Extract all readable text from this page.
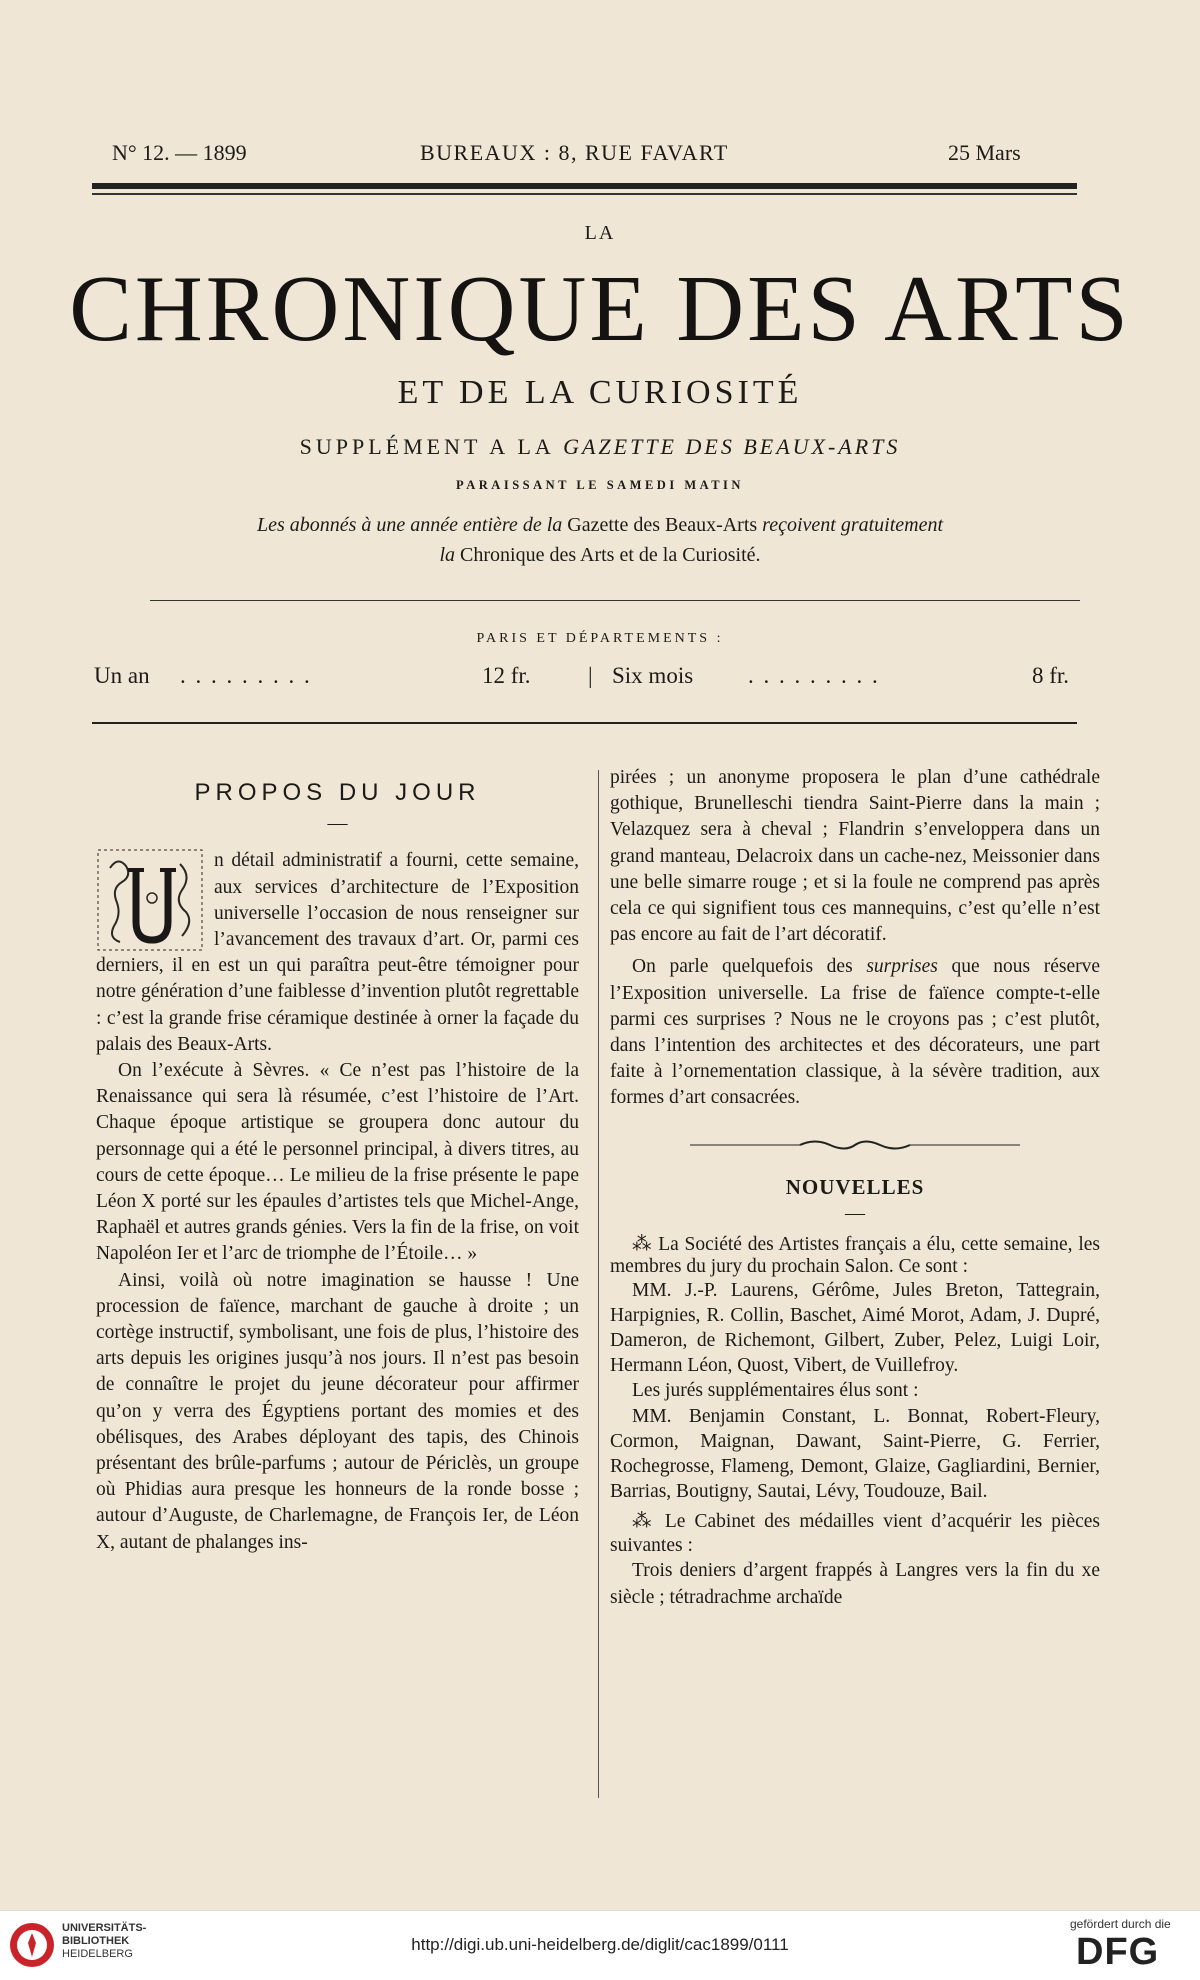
N° 12. — 1899	BUREAUX : 8, RUE FAVART	25 Mars
LA
CHRONIQUE DES ARTS
ET DE LA CURIOSITÉ
SUPPLÉMENT A LA GAZETTE DES BEAUX-ARTS
PARAISSANT LE SAMEDI MATIN
Les abonnés à une année entière de la Gazette des Beaux-Arts reçoivent gratuitement
la Chronique des Arts et de la Curiosité.
PARIS ET DÉPARTEMENTS :
Un an . . . . . . . . .	12 fr. | Six mois . . . . . . . . .	8 fr.
PROPOS DU JOUR
—

n détail administratif a fourni, cette semaine, aux services d’architecture de l’Exposition universelle l’occasion de nous renseigner sur l’avancement des travaux d’art. Or, parmi ces derniers, il en est un qui paraîtra peut-être témoigner pour notre génération d’une faiblesse d’invention plutôt regrettable : c’est la grande frise céramique destinée à orner la façade du palais des Beaux-Arts.

On l’exécute à Sèvres. « Ce n’est pas l’histoire de la Renaissance qui sera là résumée, c’est l’histoire de l’Art. Chaque époque artistique se groupera donc autour du personnage qui a été le personnel principal, à divers titres, au cours de cette époque… Le milieu de la frise présente le pape Léon X porté sur les épaules d’artistes tels que Michel-Ange, Raphaël et autres grands génies. Vers la fin de la frise, on voit Napoléon Ier et l’arc de triomphe de l’Étoile… »

Ainsi, voilà où notre imagination se hausse ! Une procession de faïence, marchant de gauche à droite ; un cortège instructif, symbolisant, une fois de plus, l’histoire des arts depuis les origines jusqu’à nos jours. Il n’est pas besoin de connaître le projet du jeune décorateur pour affirmer qu’on y verra des Égyptiens portant des momies et des obélisques, des Arabes déployant des tapis, des Chinois présentant des brûle-parfums ; autour de Périclès, un groupe où Phidias aura presque les honneurs de la ronde bosse ; autour d’Auguste, de Charlemagne, de François Ier, de Léon X, autant de phalanges ins-

pirées ; un anonyme proposera le plan d’une cathédrale gothique, Brunelleschi tiendra Saint-Pierre dans la main ; Velazquez sera à cheval ; Flandrin s’enveloppera dans un grand manteau, Delacroix dans un cache-nez, Meissonier dans une belle simarre rouge ; et si la foule ne comprend pas après cela ce qui signifient tous ces mannequins, c’est qu’elle n’est pas encore au fait de l’art décoratif.

On parle quelquefois des surprises que nous réserve l’Exposition universelle. La frise de faïence compte-t-elle parmi ces surprises ? Nous ne le croyons pas ; c’est plutôt, dans l’intention des architectes et des décorateurs, une part faite à l’ornementation classique, à la sévère tradition, aux formes d’art consacrées.

NOUVELLES
—

⁂ La Société des Artistes français a élu, cette semaine, les membres du jury du prochain Salon. Ce sont :

MM. J.-P. Laurens, Gérôme, Jules Breton, Tattegrain, Harpignies, R. Collin, Baschet, Aimé Morot, Adam, J. Dupré, Dameron, de Richemont, Gilbert, Zuber, Pelez, Luigi Loir, Hermann Léon, Quost, Vibert, de Vuillefroy.

Les jurés supplémentaires élus sont :

MM. Benjamin Constant, L. Bonnat, Robert-Fleury, Cormon, Maignan, Dawant, Saint-Pierre, G. Ferrier, Rochegrosse, Flameng, Demont, Glaize, Gagliardini, Bernier, Barrias, Boutigny, Sautai, Lévy, Toudouze, Bail.

⁂ Le Cabinet des médailles vient d’acquérir les pièces suivantes :

Trois deniers d’argent frappés à Langres vers la fin du xe siècle ; tétradrachme archaïde

UNIVERSITÄTS-
BIBLIOTHEK
HEIDELBERG	http://digi.ub.uni-heidelberg.de/diglit/cac1899/0111
gefördert durch die
DFG
